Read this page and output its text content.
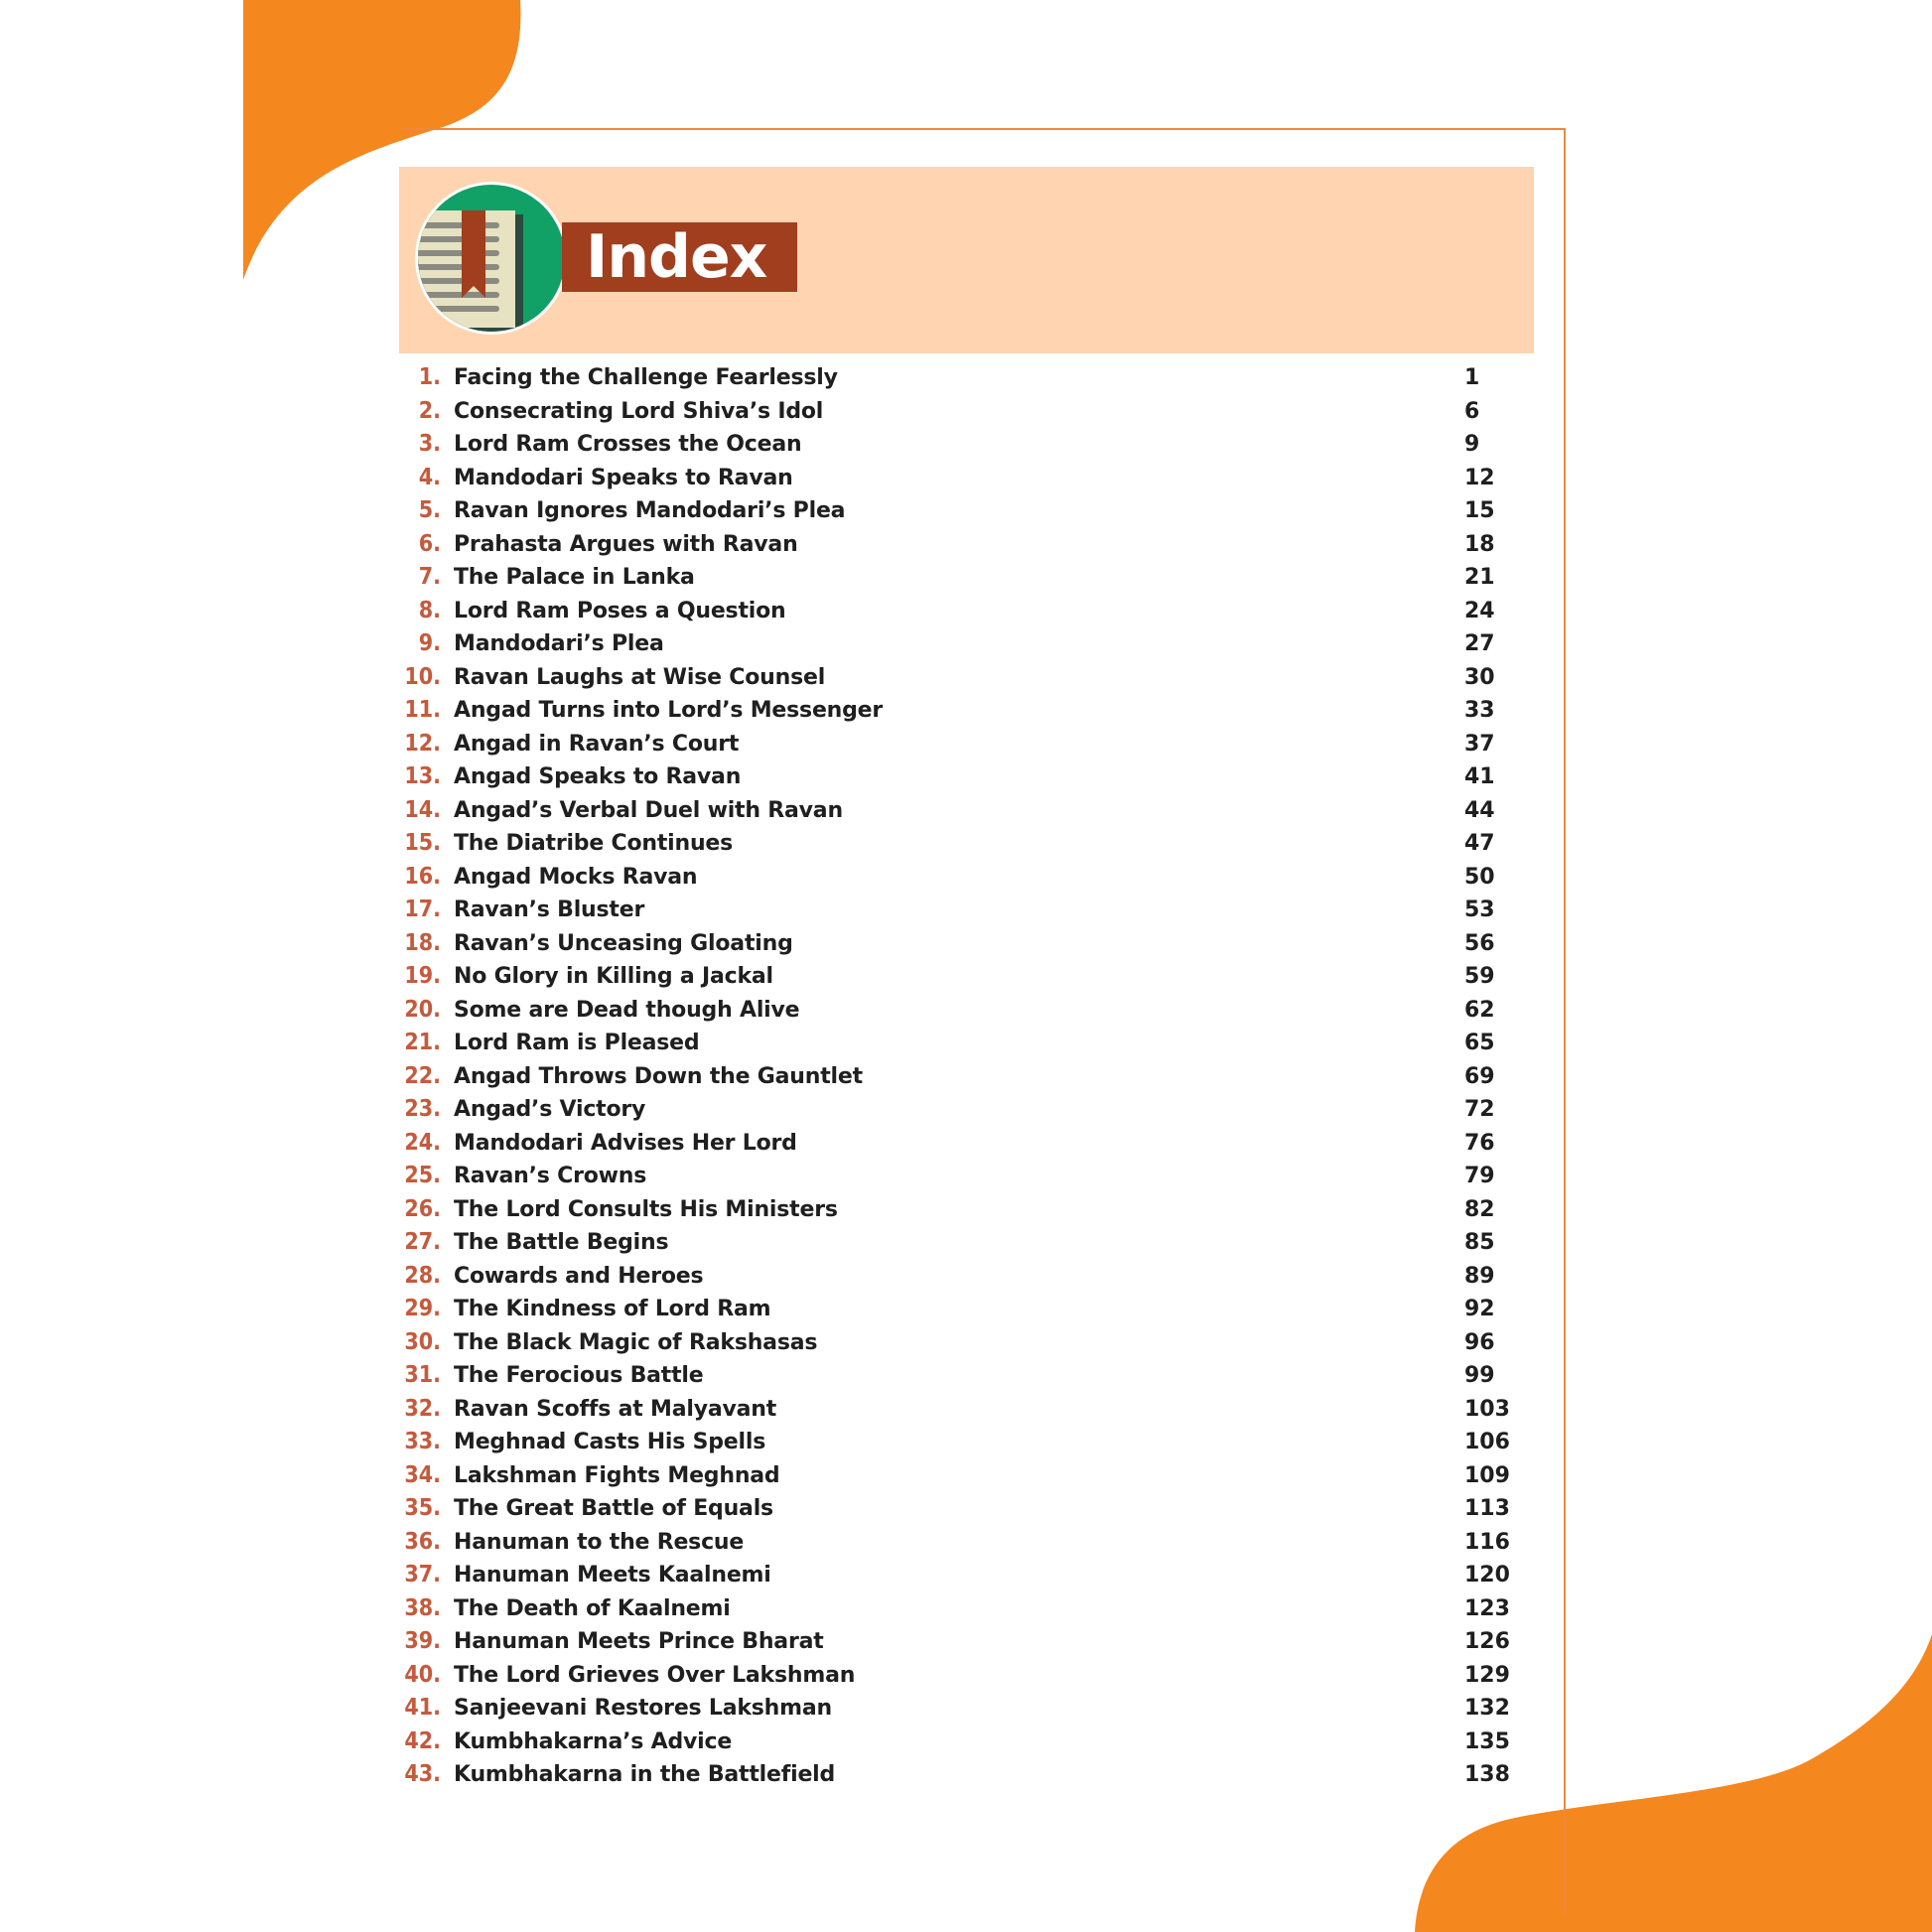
Index
1. Facing the Challenge Fearlessly	1
2. Consecrating Lord Shiva’s Idol	6
3. Lord Ram Crosses the Ocean	9
4. Mandodari Speaks to Ravan	12
5. Ravan Ignores Mandodari’s Plea	15
6. Prahasta Argues with Ravan	18
7. The Palace in Lanka	21
8. Lord Ram Poses a Question	24
9. Mandodari’s Plea	27
10. Ravan Laughs at Wise Counsel	30
11. Angad Turns into Lord’s Messenger	33
12. Angad in Ravan’s Court	37
13. Angad Speaks to Ravan	41
14. Angad’s Verbal Duel with Ravan	44
15. The Diatribe Continues	47
16. Angad Mocks Ravan	50
17. Ravan’s Bluster	53
18. Ravan’s Unceasing Gloating	56
19. No Glory in Killing a Jackal	59
20. Some are Dead though Alive	62
21. Lord Ram is Pleased	65
22. Angad Throws Down the Gauntlet	69
23. Angad’s Victory	72
24. Mandodari Advises Her Lord	76
25. Ravan’s Crowns	79
26. The Lord Consults His Ministers	82
27. The Battle Begins	85
28. Cowards and Heroes	89
29. The Kindness of Lord Ram	92
30. The Black Magic of Rakshasas	96
31. The Ferocious Battle	99
32. Ravan Scoffs at Malyavant	103
33. Meghnad Casts His Spells	106
34. Lakshman Fights Meghnad	109
35. The Great Battle of Equals	113
36. Hanuman to the Rescue	116
37. Hanuman Meets Kaalnemi	120
38. The Death of Kaalnemi	123
39. Hanuman Meets Prince Bharat	126
40. The Lord Grieves Over Lakshman	129
41. Sanjeevani Restores Lakshman	132
42. Kumbhakarna’s Advice	135
43. Kumbhakarna in the Battlefield	138
